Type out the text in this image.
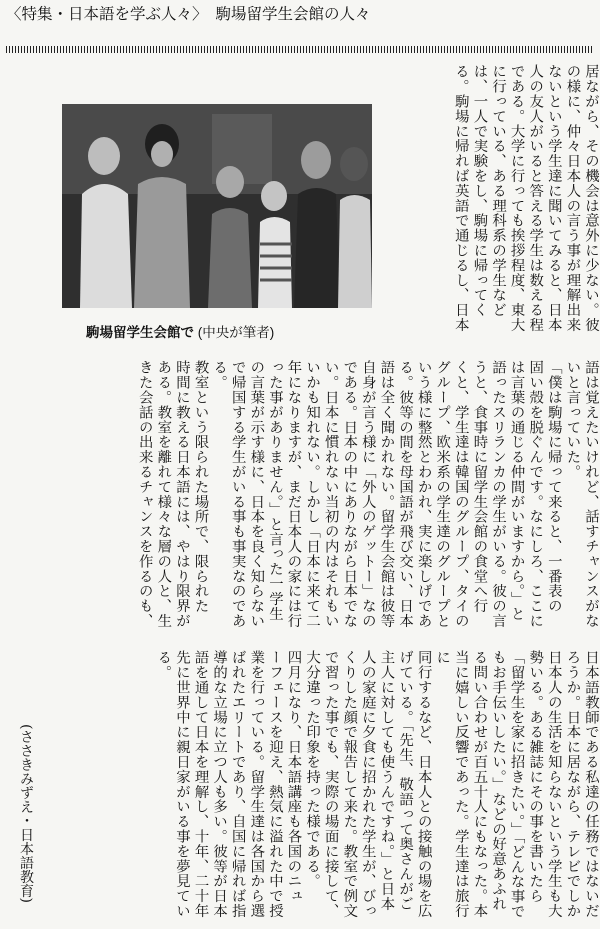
〈特集・日本語を学ぶ人々〉 駒場留学生会館の人々
居ながら、その機会は意外に少ない。彼
の様に、仲々日本人の言う事が理解出来
ないという学生達に聞いてみると、日本
人の友人がいると答える学生は数える程
である。大学に行っても挨拶程度、東大
に行っている、ある理科系の学生など
は、一人で実験をし、駒場に帰ってく
る。駒場に帰れば英語で通じるし、日本
駒場留学生会館で (中央が筆者)
語は覚えたいけれど、話すチャンスがな
いと言っていた。
「僕は駒場に帰って来ると、一番表の
固い殻を脱ぐんです。なにしろ、ここに
は言葉の通じる仲間がいますから。」と
語ったスリランカの学生がいる。彼の言
うと、食事時に留学生会館の食堂へ行
くと、学生達は韓国のグループ、タイの
グループ、欧米系の学生達のグループと
いう様に整然とわかれ、実に楽しげであ
る。彼等の間を母国語が飛び交い、日本
語は全く聞かれない。留学生会館は彼等
自身が言う様に「外人のゲットー」なの
である。日本の中にありながら日本でな
い。日本に慣れない当初の内はそれもい
いかも知れない。しかし「日本に来て二
年になりますが、まだ日本人の家には行
った事がありません。」と言った一学生
の言葉が示す様に、日本を良く知らない
で帰国する学生がいる事も事実なのであ
る。
教室という限られた場所で、限られた
時間に教える日本語には、やはり限界が
ある。教室を離れて様々な層の人と、生
きた会話の出来るチャンスを作るのも、
日本語教師である私達の任務ではないだ
ろうか。日本に居ながら、テレビでしか
日本人の生活を知らないという学生も大
勢いる。ある雑誌にその事を書いたら
「留学生を家に招きたい。」「どんな事で
もお手伝いしたい。」などの好意あふれ
る問い合わせが百五十人にもなった。本
当に嬉しい反響であった。学生達は旅行に
同行するなど、日本人との接触の場を広
げている。「先生、敬語って奥さんがご
主人に対しても使うんですね。」と日本
人の家庭に夕食に招かれた学生が、びっ
くりした顔で報告して来た。教室で例文
で習った事でも、実際の場面に接して、
大分違った印象を持った様である。
四月になり、日本語講座も各国のニュ
ーフェースを迎え、熱気に溢れた中で授
業を行っている。留学生達は各国から選
ばれたエリートであり、自国に帰れば指
導的な立場に立つ人も多い。彼等が日本
語を通して日本を理解し、十年、二十年
先に世界中に親日家がいる事を夢見てい
る。
(ささきみずえ・日本語教育)
